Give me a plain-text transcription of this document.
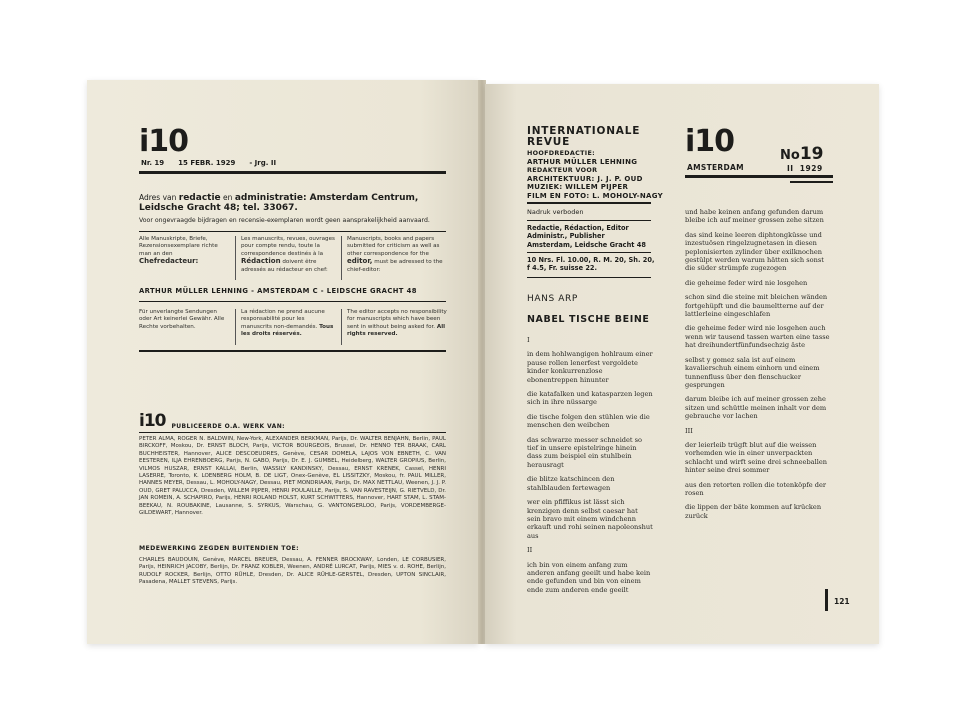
i10
Nr. 19 15 FEBR. 1929 - Jrg. II
Adres van redactie en administratie: Amsterdam Centrum,
Leidsche Gracht 48; tel. 33067.
Voor ongevraagde bijdragen en recensie-exemplaren wordt geen aansprakelijkheid aanvaard.
Alle Manuskripte, Briefe, Rezensionsexemplare richte man an den Chefredacteur:
Les manuscrits, revues, ouvrages pour compte rendu, toute la correspondence destinés à la Rédaction doivent être adressés au rédacteur en chef:
Manuscripts, books and papers submitted for criticism as well as other correspondence for the editor, must be adressed to the chief-editor:
ARTHUR MÜLLER LEHNING - AMSTERDAM C - LEIDSCHE GRACHT 48
Für unverlangte Sendungen oder Art keinerlei Gewähr. Alle Rechte vorbehalten.
La rédaction ne prend aucune responsabilité pour les manuscrits non-demandés. Tous les droits réservés.
The editor accepts no responsibility for manuscripts which have been sent in without being asked for. All rights reserved.
i10 PUBLICEERDE O.A. WERK VAN:
PETER ALMA, ROGER N. BALDWIN, New-York, ALEXANDER BERKMAN, Parijs, Dr. WALTER BENJAHN, Berlin, PAUL BIRCKOFF, Moskou, Dr. ERNST BLOCH, Parijs, VICTOR BOURGEOIS, Brussel, Dr. HENNO TER BRAAK, CARL BUCHHEISTER, Hannover, ALICE DESCOEUDRES, Genève, CESAR DOMELA, LAJOS VON EBNETH, C. VAN EESTEREN, ILJA EHRENBOERG, Parijs, N. GABO, Parijs, Dr. E. J. GUMBEL, Heidelberg, WALTER GROPIUS, Berlin, VILMOS HUSZAR, ERNST KALLAI, Berlin, WASSILY KANDINSKY, Dessau, ERNST KRENEK, Cassel, HENRI LASERRE, Toronto, K. LOENBERG HOLM, B. DE LIGT, Onex-Genève, EL LISSITZKY, Moskou, fr. PAUL MILLER, HANNES MEYER, Dessau, L. MOHOLY-NAGY, Dessau, PIET MONDRIAAN, Parijs, Dr. MAX NETTLAU, Weenen, J. J. P. OUD, GRET PALUCCA, Dresden, WILLEM PIJPER, HENRI POULAILLE, Parijs, S. VAN RAVESTEIJN, G. RIETVELD, Dr. JAN ROMEIN, A. SCHAPIRO, Parijs, HENRI ROLAND HOLST, KURT SCHWITTERS, Hannover, HART STAM, L. STAM-BEEKAU, N. ROUBAKINE, Lausanne, S. SYRKUS, Warschau, G. VANTONGERLOO, Parijs, VORDEMBERGE-GILDEWART, Hannover.
MEDEWERKING ZEGDEN BUITENDIEN TOE:
CHARLES BAUDOUIN, Genève, MARCEL BREUER, Dessau, A. FENNER BROCKWAY, Londen, LE CORBUSIER, Parijs, HEINRICH JACOBY, Berlijn, Dr. FRANZ KOBLER, Weenen, ANDRÉ LURCAT, Parijs, MIES v. d. ROHE, Berlijn, RUDOLF ROCKER, Berlijn, OTTO RÜHLE, Dresden, Dr. ALICE RÜHLE-GERSTEL, Dresden, UPTON SINCLAIR, Pasadena, MALLET STEVENS, Parijs.
INTERNATIONALE
REVUE
HOOFDREDACTIE:
ARTHUR MÜLLER LEHNING
REDAKTEUR VOOR
ARCHITEKTUUR: J. J. P. OUD
MUZIEK: WILLEM PIJPER
FILM EN FOTO: L. MOHOLY-NAGY
Nadruk verboden
Redactie, Rédaction, Editor
Administr., Publisher
Amsterdam, Leidsche Gracht 48
10 Nrs. Fl. 10.00, R. M. 20, Sh. 20,
f 4.5, Fr. suisse 22.
i10
AMSTERDAM
No19
II  1929
HANS ARP
NABEL TISCHE BEINE

I

in dem hohlwangigen hohlraum einer pause rollen lenerfest vergoldete kinder konkurrenzlose ebonentreppen hinunter

die katafalken und katasparzen legen sich in ihre nüssarge

die tische folgen den stühlen wie die menschen den weibchen

das schwarze messer schneidet so tief in unsere epistelringe hinein dass zum beispiel ein stuhlbein herausragt

die blitze katschincen den stahlblauden fertewagen

wer ein pfiffikus ist lässt sich krenzigen denn selbst caesar hat sein bravo mit einem windchenn erkauft und rohi seinen napoleonshut aus

II

ich bin von einem anfang zum anderen anfang geeilt und habe kein ende gefunden und bin von einem ende zum anderen ende geeilt

und habe keinen anfang gefunden darum bleibe ich auf meiner grossen zehe sitzen

das sind keine leeren diphtongküsse und inzestuösen ringelzugnetasen in diesen peplonisierten zylinder über exilknochen gestülpt werden warum hätten sich sonst die süder strümpfe zugezogen

die geheime feder wird nie losgehen

schon sind die steine mit bleichen wänden fortgehüpft und die baumeltterne auf der lattlerleine eingeschlafen

die geheime feder wird nie losgehen auch wenn wir tausend tassen warten eine tasse hat dreihundertfünfundsechzig äste

selbst y gomez sala ist auf einem kavalierschuh einem einhorn und einem tunnenfluss über den flenschucker gesprungen

darum bleibe ich auf meiner grossen zehe sitzen und schüttle meinen inhalt vor dem gebrauche vor lachen

III

der leierleib trügft blut auf die weissen vorhemden wie in einer unverpackten schlacht und wirft seine drei schneeballen hinter seine drei sommer

aus den retorten rollen die totenköpfe der rosen

die lippen der bäte kommen auf krücken zurück

121
